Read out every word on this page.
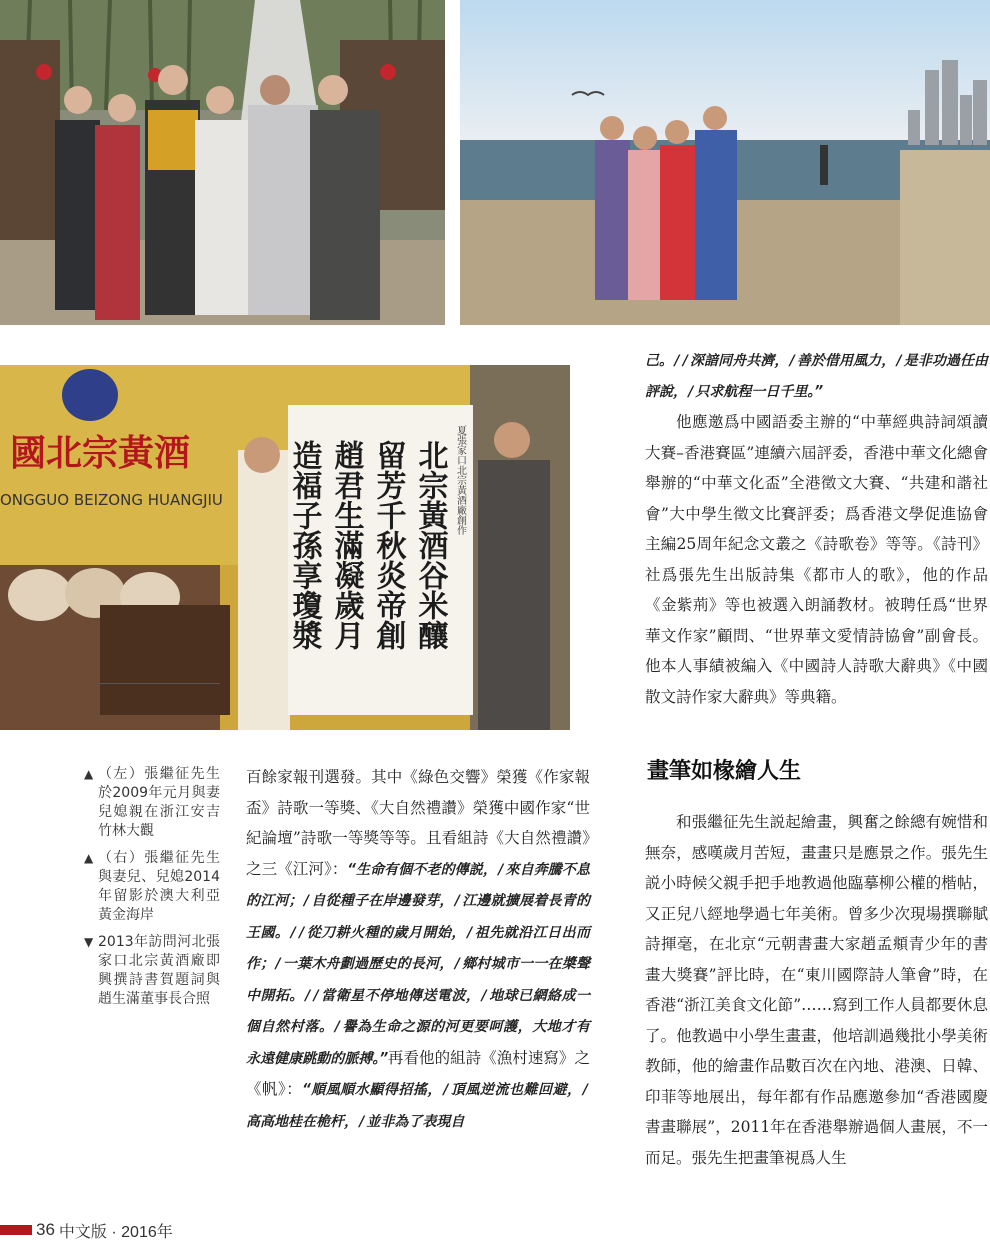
國北宗黃酒
ONGGUO BEIZONG HUANGJIU	北宗黃酒谷米釀
留芳千秋炎帝創
趙君生滿凝歲月
造福子孫享瓊漿	夏張家口北宗黃酒廠創作
▲ （左）張繼征先生於2009年元月與妻兒媳親在浙江安吉竹林大觀
▲ （右）張繼征先生與妻兒、兒媳2014年留影於澳大利亞黃金海岸
▼ 2013年訪問河北張家口北宗黃酒廠即興撰詩書賀題詞與趙生滿董事長合照

百餘家報刊選發。其中《綠色交響》榮獲《作家報盃》詩歌一等獎、《大自然禮讚》榮獲中國作家“世紀論壇”詩歌一等獎等等。且看組詩《大自然禮讚》之三《江河》：“生命有個不老的傳説，/來自奔騰不息的江河；/自從種子在岸邊發芽，/江邊就擴展着長青的王國。//從刀耕火種的歲月開始，/祖先就沿江日出而作；/一葉木舟劃過歷史的長河，/鄉村城市一一在槳聲中開拓。//當衛星不停地傳送電波，/地球已網絡成一個自然村落。/譽為生命之源的河更要呵護，大地才有永遠健康跳動的脈搏。”再看他的組詩《漁村速寫》之《帆》：“順風順水顯得招搖，/頂風逆流也難回避，/高高地桂在桅杆，/並非為了表現自

己。//深諳同舟共濟，/善於借用風力，/是非功過任由評說，/只求航程一日千里。”

他應邀爲中國語委主辦的“中華經典詩詞頌讀大賽–香港賽區”連續六屆評委，香港中華文化總會舉辦的“中華文化盃”全港徵文大賽、“共建和諧社會”大中學生徵文比賽評委；爲香港文學促進協會主編25周年紀念文叢之《詩歌卷》等等。《詩刊》社爲張先生出版詩集《都市人的歌》，他的作品《金紫荊》等也被選入朗誦教材。被聘任爲“世界華文作家”顧問、“世界華文愛情詩協會”副會長。他本人事績被編入《中國詩人詩歌大辭典》《中國散文詩作家大辭典》等典籍。

畫筆如椽繪人生

和張繼征先生説起繪畫，興奮之餘總有婉惜和無奈，感嘆歲月苦短，畫畫只是應景之作。張先生説小時候父親手把手地教過他臨摹柳公權的楷帖，又正兒八經地學過七年美術。曾多少次現場撰聯賦詩揮毫，在北京“元朝書畫大家趙孟頫青少年的書畫大獎賽”評比時，在“東川國際詩人筆會”時，在香港“浙江美食文化節”……寫到工作人員都要休息了。他教過中小學生畫畫，他培訓過幾批小學美術教師，他的繪畫作品數百次在內地、港澳、日韓、印菲等地展出，每年都有作品應邀參加“香港國慶書畫聯展”，2011年在香港舉辦過個人畫展，不一而足。張先生把畫筆視爲人生

36 中文版 · 2016年
